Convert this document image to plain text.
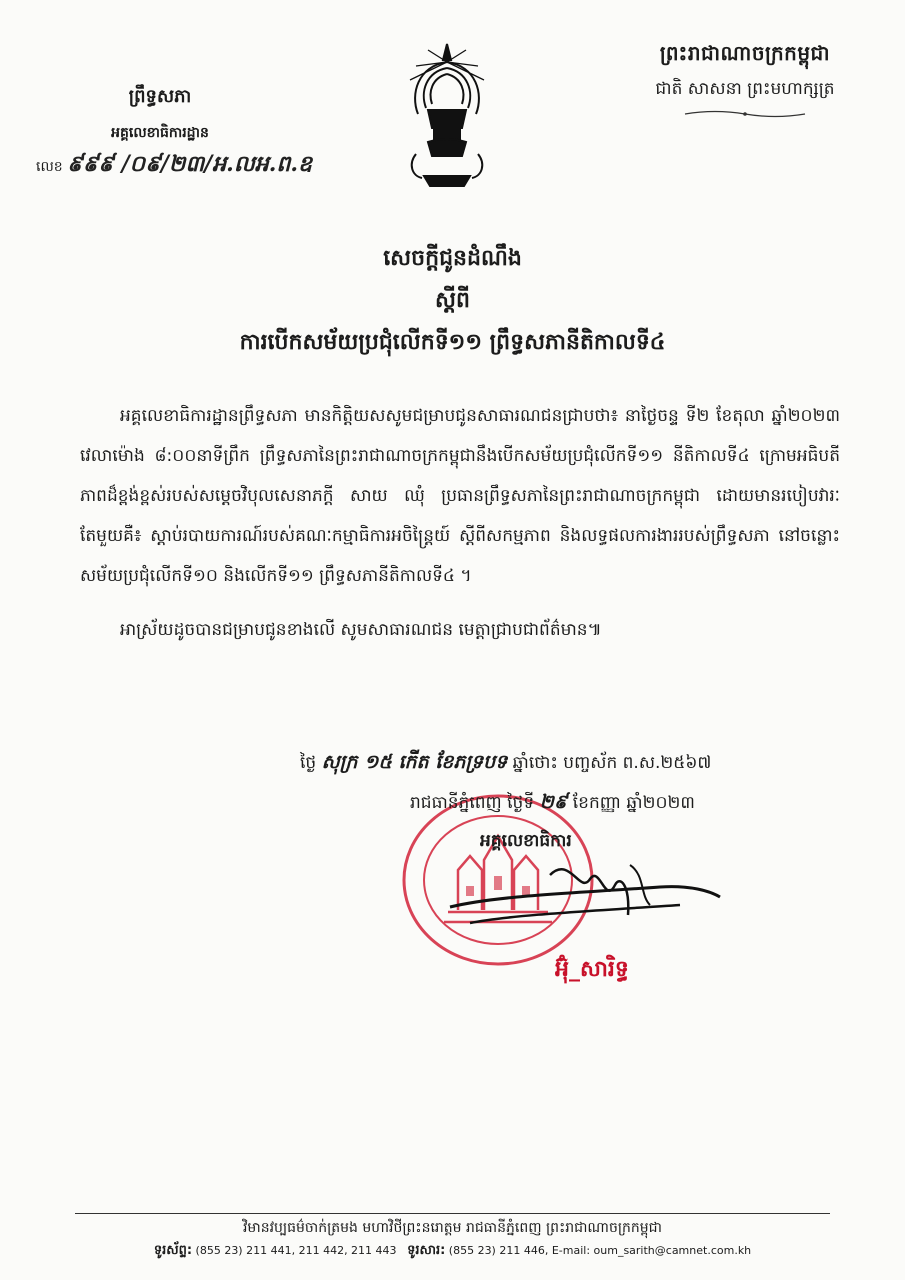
ព្រះរាជាណាចក្រកម្ពុជា
ជាតិ សាសនា ព្រះមហាក្សត្រ
ព្រឹទ្ធសភា
អគ្គលេខាធិការដ្ឋាន
លេខ ៩៩៩ /០៩/២៣/អ.លអ.ព.ឧ
សេចក្តីជូនដំណឹង
ស្តីពី
ការបើកសម័យប្រជុំលើកទី១១ ព្រឹទ្ធសភានីតិកាលទី៤

អគ្គលេខាធិការដ្ឋានព្រឹទ្ធសភា មានកិត្តិយសសូមជម្រាបជូនសាធារណជនជ្រាបថា៖ នាថ្ងៃចន្ទ ទី២ ខែតុលា ឆ្នាំ២០២៣ វេលាម៉ោង ៨:០០នាទីព្រឹក ព្រឹទ្ធសភានៃព្រះរាជាណាចក្រកម្ពុជានឹងបើកសម័យប្រជុំលើកទី១១ នីតិកាលទី៤ ក្រោមអធិបតីភាពដ៏ខ្ពង់ខ្ពស់របស់សម្តេចវិបុលសេនាភក្តី សាយ ឈុំ ប្រធានព្រឹទ្ធសភានៃព្រះរាជាណាចក្រកម្ពុជា ដោយមានរបៀបវារៈតែមួយគឺ៖ ស្តាប់របាយការណ៍របស់គណៈកម្មាធិការអចិន្ត្រៃយ៍ ស្តីពីសកម្មភាព និងលទ្ធផលការងាររបស់ព្រឹទ្ធសភា នៅចន្លោះសម័យប្រជុំលើកទី១០ និងលើកទី១១ ព្រឹទ្ធសភានីតិកាលទី៤ ។

អាស្រ័យដូចបានជម្រាបជូនខាងលើ សូមសាធារណជន មេត្តាជ្រាបជាព័ត៌មាន៕

ថ្ងៃ សុក្រ ១៥ កើត ខែភទ្របទ ឆ្នាំថោះ បញ្ចស័ក ព.ស.២៥៦៧
រាជធានីភ្នំពេញ ថ្ងៃទី ២៩ ខែកញ្ញា ឆ្នាំ២០២៣
អគ្គលេខាធិការ
អ៊ុំ_សារិទ្ធ
វិមានវប្បធម៌ចាក់ត្រមង មហាវិថីព្រះនរោត្តម រាជធានីភ្នំពេញ ព្រះរាជាណាចក្រកម្ពុជា
ទូរស័ព្ទ: (855 23) 211 441, 211 442, 211 443 ទូរសារ: (855 23) 211 446, E-mail: oum_sarith@camnet.com.kh
